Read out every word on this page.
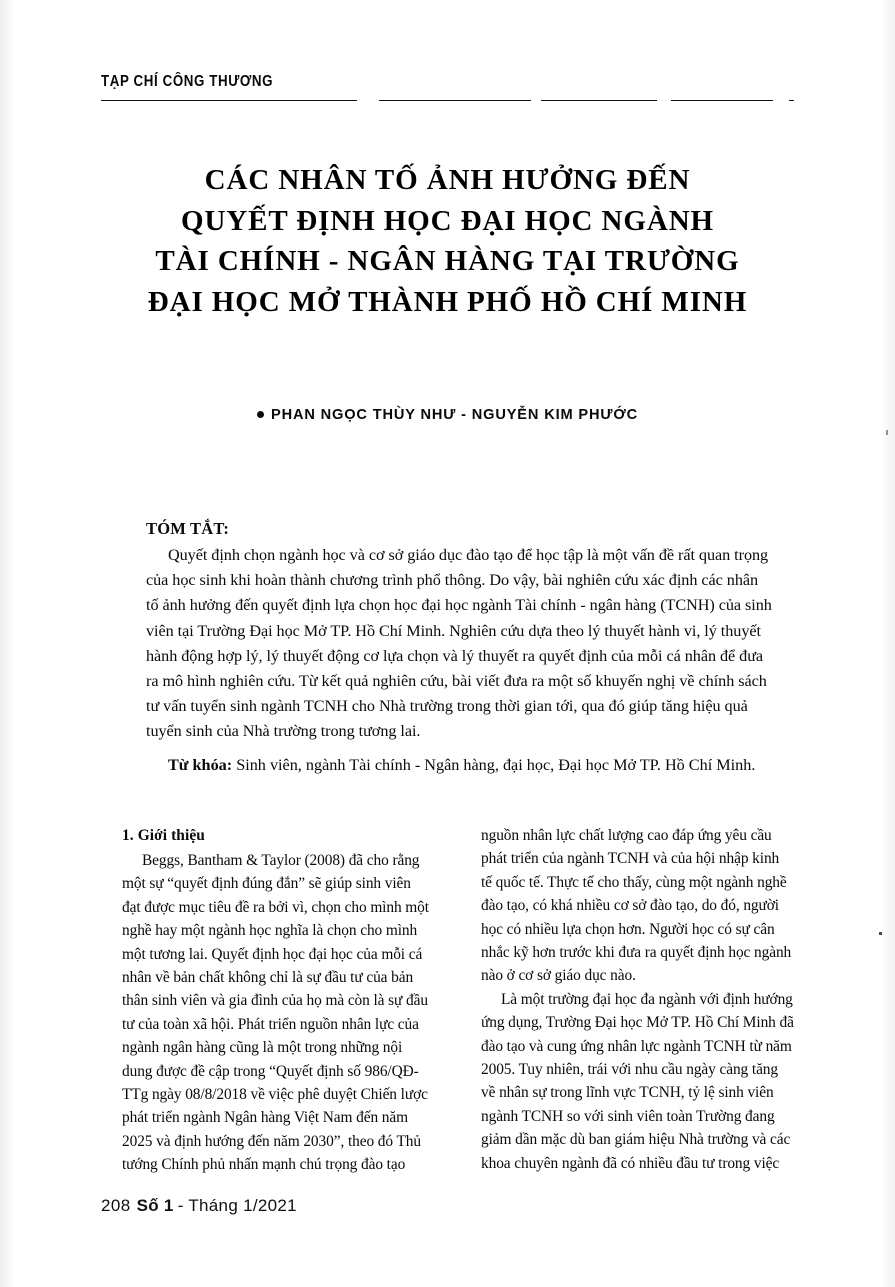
TẠP CHÍ CÔNG THƯƠNG
CÁC NHÂN TỐ ẢNH HƯỞNG ĐẾN
QUYẾT ĐỊNH HỌC ĐẠI HỌC NGÀNH
TÀI CHÍNH - NGÂN HÀNG TẠI TRƯỜNG
ĐẠI HỌC MỞ THÀNH PHỐ HỒ CHÍ MINH
PHAN NGỌC THÙY NHƯ - NGUYỄN KIM PHƯỚC
TÓM TẮT:
Quyết định chọn ngành học và cơ sở giáo dục đào tạo để học tập là một vấn đề rất quan trọng
của học sinh khi hoàn thành chương trình phổ thông. Do vậy, bài nghiên cứu xác định các nhân
tố ảnh hưởng đến quyết định lựa chọn học đại học ngành Tài chính - ngân hàng (TCNH) của sinh
viên tại Trường Đại học Mở TP. Hồ Chí Minh. Nghiên cứu dựa theo lý thuyết hành vi, lý thuyết
hành động hợp lý, lý thuyết động cơ lựa chọn và lý thuyết ra quyết định của mỗi cá nhân để đưa
ra mô hình nghiên cứu. Từ kết quả nghiên cứu, bài viết đưa ra một số khuyến nghị về chính sách
tư vấn tuyển sinh ngành TCNH cho Nhà trường trong thời gian tới, qua đó giúp tăng hiệu quả
tuyển sinh của Nhà trường trong tương lai.
Từ khóa: Sinh viên, ngành Tài chính - Ngân hàng, đại học, Đại học Mở TP. Hồ Chí Minh.
1. Giới thiệu
Beggs, Bantham & Taylor (2008) đã cho rằng
một sự “quyết định đúng đắn” sẽ giúp sinh viên
đạt được mục tiêu đề ra bởi vì, chọn cho mình một
nghề hay một ngành học nghĩa là chọn cho mình
một tương lai. Quyết định học đại học của mỗi cá
nhân về bản chất không chỉ là sự đầu tư của bản
thân sinh viên và gia đình của họ mà còn là sự đầu
tư của toàn xã hội. Phát triển nguồn nhân lực của
ngành ngân hàng cũng là một trong những nội
dung được đề cập trong “Quyết định số 986/QĐ-
TTg ngày 08/8/2018 về việc phê duyệt Chiến lược
phát triển ngành Ngân hàng Việt Nam đến năm
2025 và định hướng đến năm 2030”, theo đó Thủ
tướng Chính phủ nhấn mạnh chú trọng đào tạo
nguồn nhân lực chất lượng cao đáp ứng yêu cầu
phát triển của ngành TCNH và của hội nhập kinh
tế quốc tế. Thực tế cho thấy, cùng một ngành nghề
đào tạo, có khá nhiều cơ sở đào tạo, do đó, người
học có nhiều lựa chọn hơn. Người học có sự cân
nhắc kỹ hơn trước khi đưa ra quyết định học ngành
nào ở cơ sở giáo dục nào.
Là một trường đại học đa ngành với định hướng
ứng dụng, Trường Đại học Mở TP. Hồ Chí Minh đã
đào tạo và cung ứng nhân lực ngành TCNH từ năm
2005. Tuy nhiên, trái với nhu cầu ngày càng tăng
về nhân sự trong lĩnh vực TCNH, tỷ lệ sinh viên
ngành TCNH so với sinh viên toàn Trường đang
giảm dần mặc dù ban giám hiệu Nhà trường và các
khoa chuyên ngành đã có nhiều đầu tư trong việc
208 Số 1 - Tháng 1/2021
